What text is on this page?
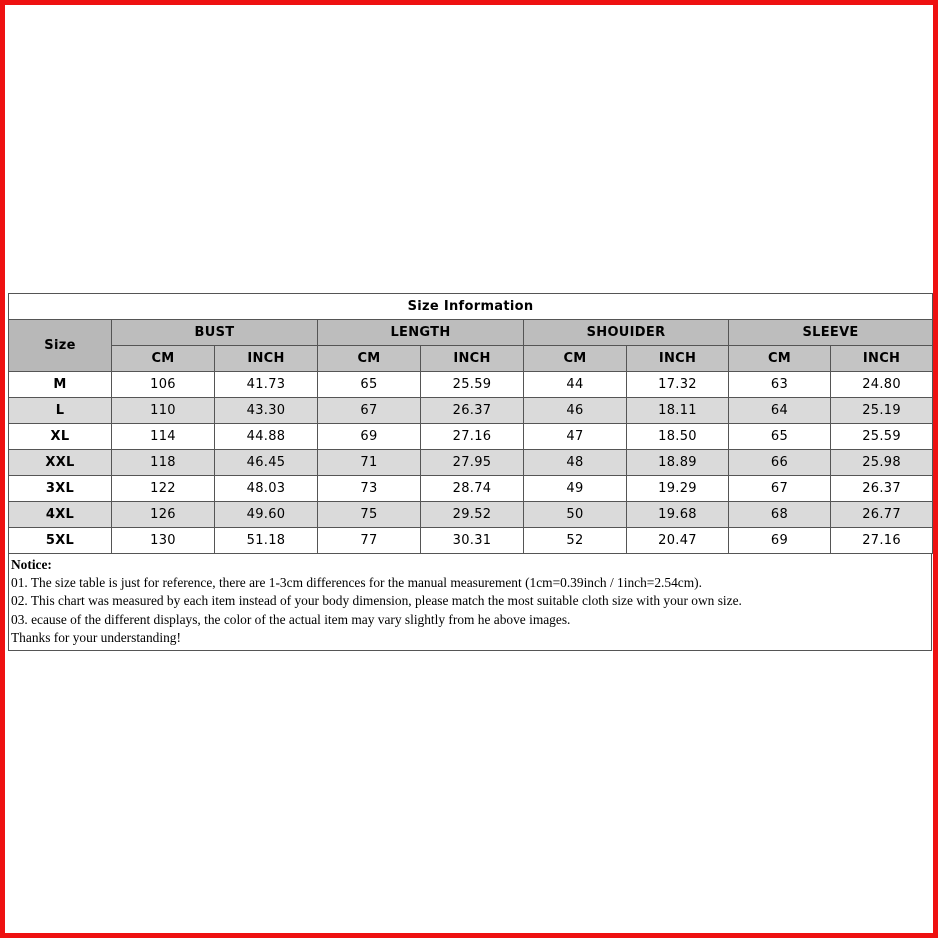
Size Information								
Size	BUST		LENGTH		SHOUIDER		SLEEVE	
	CM	INCH	CM	INCH	CM	INCH	CM	INCH
M	106	41.73	65	25.59	44	17.32	63	24.80
L	110	43.30	67	26.37	46	18.11	64	25.19
XL	114	44.88	69	27.16	47	18.50	65	25.59
XXL	118	46.45	71	27.95	48	18.89	66	25.98
3XL	122	48.03	73	28.74	49	19.29	67	26.37
4XL	126	49.60	75	29.52	50	19.68	68	26.77
5XL	130	51.18	77	30.31	52	20.47	69	27.16
Notice:
01. The size table is just for reference, there are 1-3cm differences for the manual measurement (1cm=0.39inch / 1inch=2.54cm).
02. This chart was measured by each item instead of your body dimension, please match the most suitable cloth size with your own size.
03. ecause of the different displays, the color of the actual item may vary slightly from he above images.
Thanks for your understanding!
